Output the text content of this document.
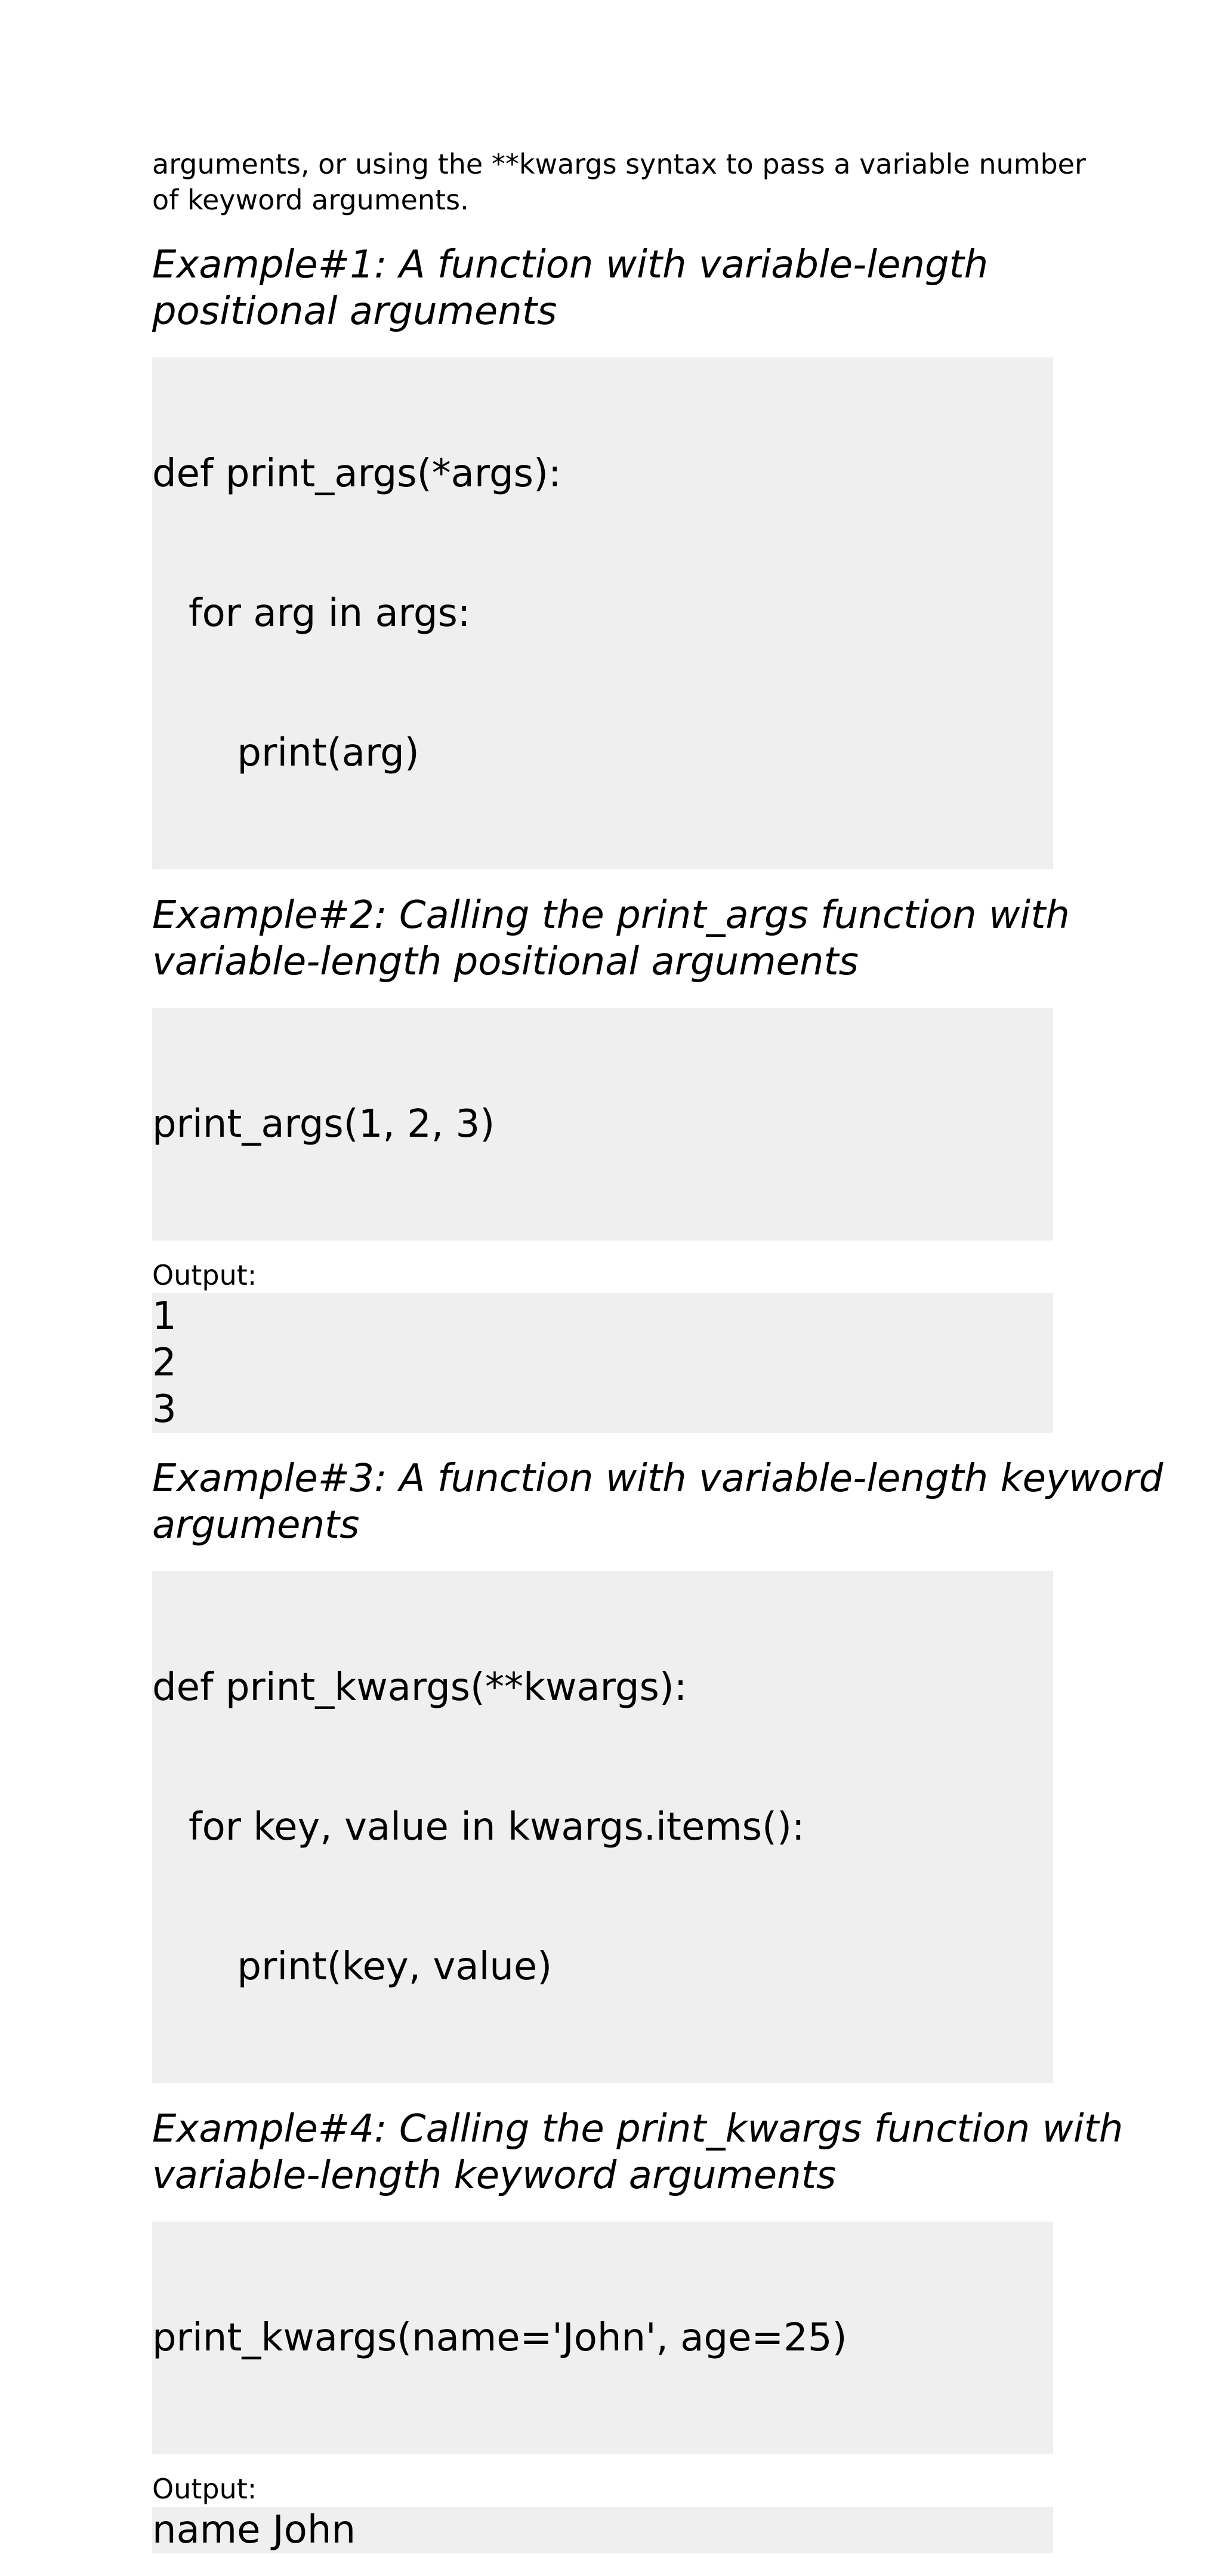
arguments, or using the **kwargs syntax to pass a variable number
of keyword arguments.
Example#1: A function with variable-length
positional arguments

def print_args(*args):

for arg in args:

print(arg)

Example#2: Calling the print_args function with
variable-length positional arguments

print_args(1, 2, 3)

Output:
1
2
3
Example#3: A function with variable-length keyword
arguments

def print_kwargs(**kwargs):

for key, value in kwargs.items():

print(key, value)

Example#4: Calling the print_kwargs function with
variable-length keyword arguments

print_kwargs(name='John', age=25)

Output:
name John
